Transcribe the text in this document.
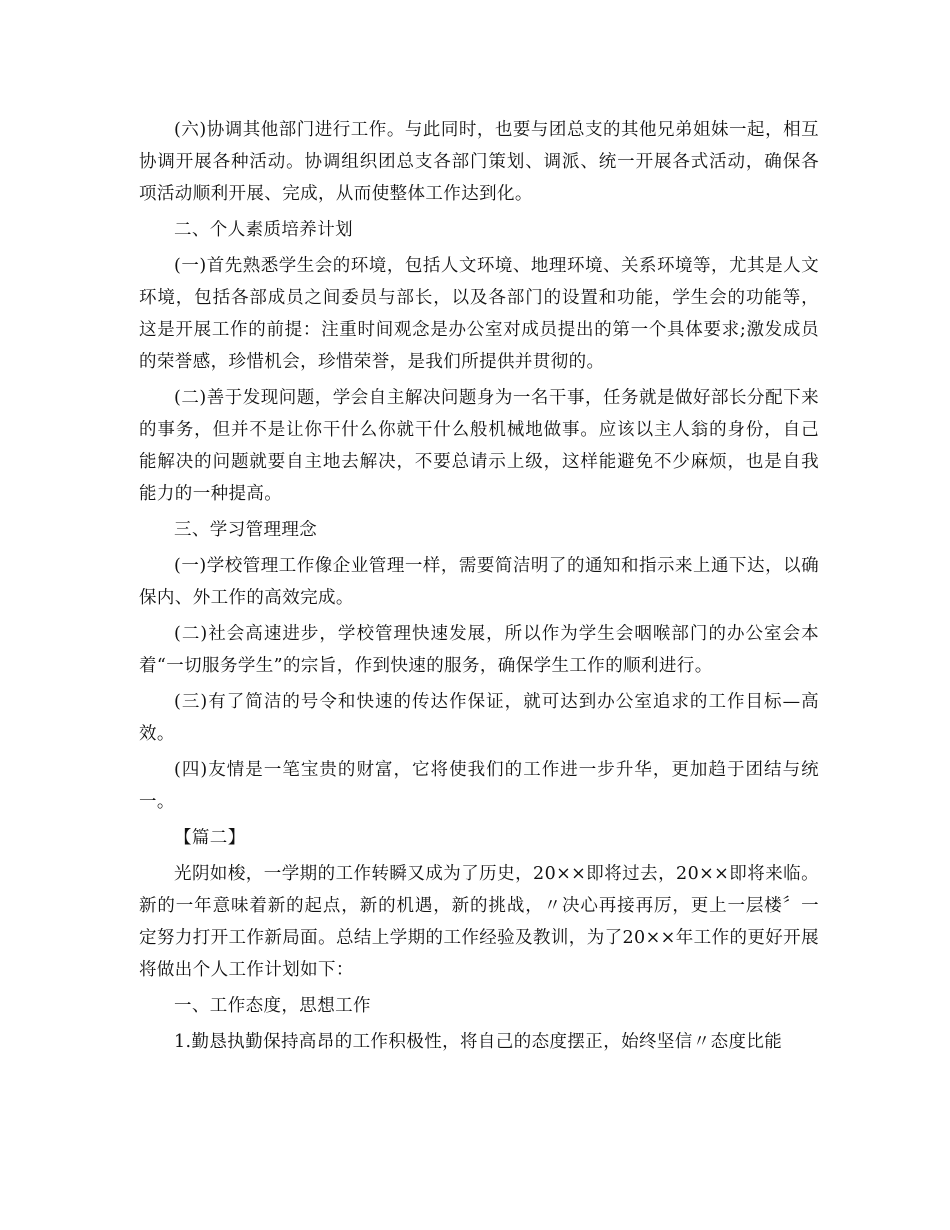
(六)协调其他部门进行工作。与此同时，也要与团总支的其他兄弟姐妹一起，相互协调开展各种活动。协调组织团总支各部门策划、调派、统一开展各式活动，确保各项活动顺利开展、完成，从而使整体工作达到化。

二、个人素质培养计划

(一)首先熟悉学生会的环境，包括人文环境、地理环境、关系环境等，尤其是人文环境，包括各部成员之间委员与部长，以及各部门的设置和功能，学生会的功能等，这是开展工作的前提：注重时间观念是办公室对成员提出的第一个具体要求;激发成员的荣誉感，珍惜机会，珍惜荣誉，是我们所提供并贯彻的。

(二)善于发现问题，学会自主解决问题身为一名干事，任务就是做好部长分配下来的事务，但并不是让你干什么你就干什么般机械地做事。应该以主人翁的身份，自己能解决的问题就要自主地去解决，不要总请示上级，这样能避免不少麻烦，也是自我能力的一种提高。

三、学习管理理念

(一)学校管理工作像企业管理一样，需要简洁明了的通知和指示来上通下达，以确保内、外工作的高效完成。

(二)社会高速进步，学校管理快速发展，所以作为学生会咽喉部门的办公室会本着“一切服务学生”的宗旨，作到快速的服务，确保学生工作的顺利进行。

(三)有了简洁的号令和快速的传达作保证，就可达到办公室追求的工作目标—高效。

(四)友情是一笔宝贵的财富，它将使我们的工作进一步升华，更加趋于团结与统一。

【篇二】

光阴如梭，一学期的工作转瞬又成为了历史，20××即将过去，20××即将来临。新的一年意味着新的起点，新的机遇，新的挑战，〃决心再接再厉，更上一层楼〞一定努力打开工作新局面。总结上学期的工作经验及教训，为了20××年工作的更好开展将做出个人工作计划如下：

一、工作态度，思想工作

1.勤恳执勤保持高昂的工作积极性，将自己的态度摆正，始终坚信〃态度比能
